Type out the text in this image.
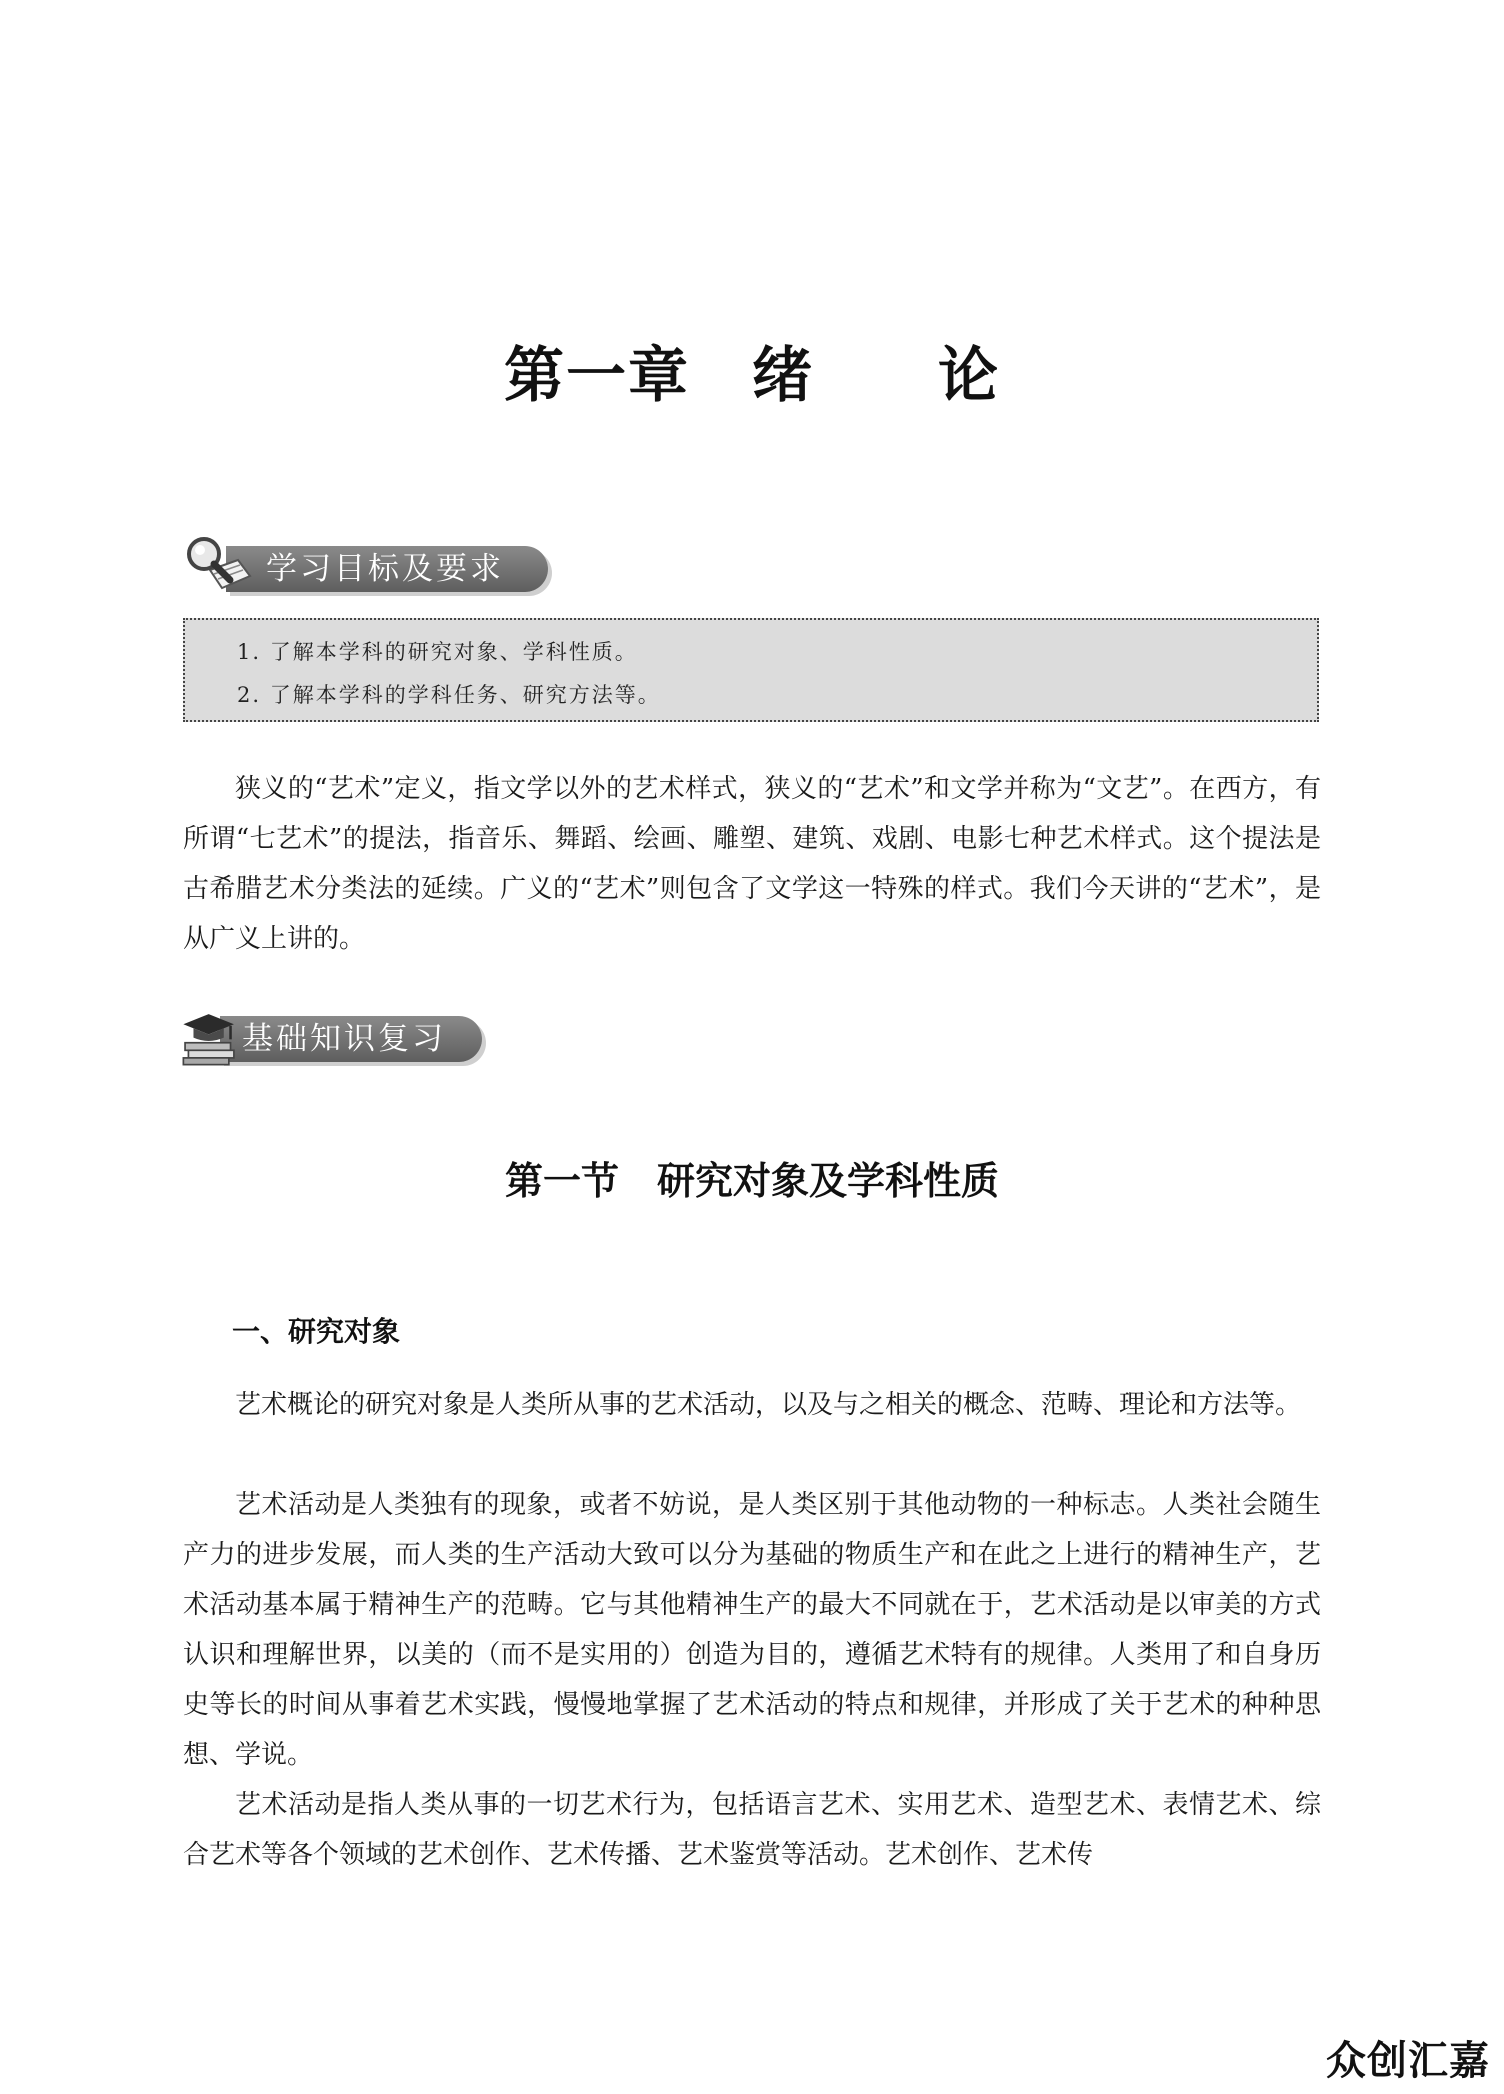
第一章　绪　　论
学习目标及要求
1. 了解本学科的研究对象、学科性质。
2. 了解本学科的学科任务、研究方法等。

狭义的“艺术”定义，指文学以外的艺术样式，狭义的“艺术”和文学并称为“文艺”。在西方，有所谓“七艺术”的提法，指音乐、舞蹈、绘画、雕塑、建筑、戏剧、电影七种艺术样式。这个提法是古希腊艺术分类法的延续。广义的“艺术”则包含了文学这一特殊的样式。我们今天讲的“艺术”，是从广义上讲的。

基础知识复习
第一节　研究对象及学科性质
一、研究对象

艺术概论的研究对象是人类所从事的艺术活动，以及与之相关的概念、范畴、理论和方法等。

艺术活动是人类独有的现象，或者不妨说，是人类区别于其他动物的一种标志。人类社会随生产力的进步发展，而人类的生产活动大致可以分为基础的物质生产和在此之上进行的精神生产，艺术活动基本属于精神生产的范畴。它与其他精神生产的最大不同就在于，艺术活动是以审美的方式认识和理解世界，以美的（而不是实用的）创造为目的，遵循艺术特有的规律。人类用了和自身历史等长的时间从事着艺术实践，慢慢地掌握了艺术活动的特点和规律，并形成了关于艺术的种种思想、学说。

艺术活动是指人类从事的一切艺术行为，包括语言艺术、实用艺术、造型艺术、表情艺术、综合艺术等各个领域的艺术创作、艺术传播、艺术鉴赏等活动。艺术创作、艺术传

众创汇嘉
